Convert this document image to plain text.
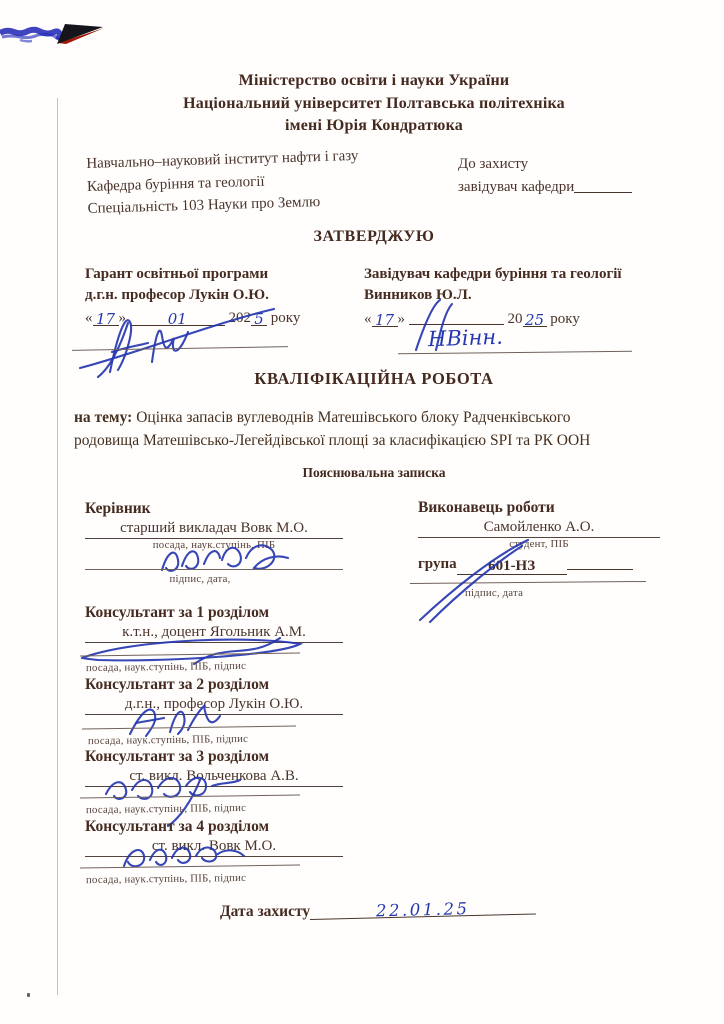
Міністерство освіти і науки України
Національний університет Полтавська політехніка
імені Юрія Кондратюка
Навчально–науковий інститут нафти і газу
Кафедра буріння та геології
Спеціальність 103 Науки про Землю
До захисту
завідувач кафедри
ЗАТВЕРДЖУЮ
Гарант освітньої програми
д.г.н. професор Лукін О.Ю.
« 17 »	01	202 5 року
Завідувач кафедри буріння та геології
Винников Ю.Л.
« 17 »	20 25 року
НВінн.
КВАЛІФІКАЦІЙНА РОБОТА
на тему: Оцінка запасів вуглеводнів Матешівського блоку Радченківського
родовища Матешівсько-Легейдівської площі за класифікацією SPI та РК ООН
Пояснювальна записка
Керівник
старший викладач Вовк М.О.
посада, наук.ступінь, ПІБ
підпис, дата,
Виконавець роботи
Самойленко А.О.
студент, ПІБ
група 601-НЗ
підпис, дата
Консультант за 1 розділом
к.т.н., доцент Ягольник А.М.
посада, наук.ступінь, ПІБ, підпис
Консультант за 2 розділом
д.г.н., професор Лукін О.Ю.
посада, наук.ступінь, ПІБ, підпис
Консультант за 3 розділом
ст. викл. Вольченкова А.В.
посада, наук.ступінь, ПІБ, підпис
Консультант за 4 розділом
ст. викл. Вовк М.О.
посада, наук.ступінь, ПІБ, підпис
Дата захисту	22.01.25
